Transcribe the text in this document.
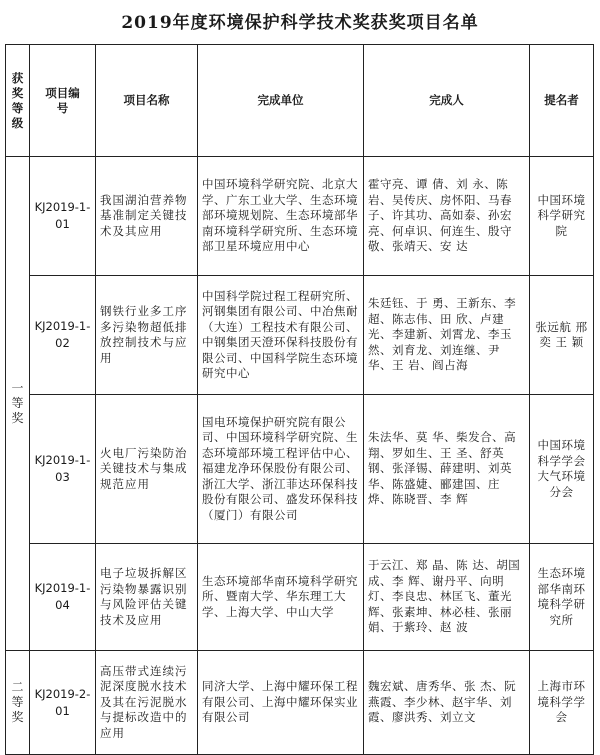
2019年度环境保护科学技术奖获奖项目名单
获奖等级	项目编号	项目名称	完成单位	完成人	提名者
一等奖	KJ2019-1-01	我国湖泊营养物基准制定关键技术及其应用	中国环境科学研究院、北京大学、广东工业大学、生态环境部环境规划院、生态环境部华南环境科学研究所、生态环境部卫星环境应用中心	霍守亮、谭 倩、刘 永、陈 岩、吴传庆、房怀阳、马春子、许其功、高如泰、孙宏亮、何卓识、何连生、殷守敬、张靖天、安 达	中国环境科学研究院
	KJ2019-1-02	钢铁行业多工序多污染物超低排放控制技术与应用	中国科学院过程工程研究所、河钢集团有限公司、中冶焦耐（大连）工程技术有限公司、中钢集团天澄环保科技股份有限公司、中国科学院生态环境研究中心	朱廷钰、于 勇、王新东、李 超、陈志伟、田 欣、卢建光、李建新、刘霄龙、李玉然、刘育龙、刘连继、尹 华、王 岩、阎占海	张远航 邢 奕 王 颖
	KJ2019-1-03	火电厂污染防治关键技术与集成规范应用	国电环境保护研究院有限公司、中国环境科学研究院、生态环境部环境工程评估中心、福建龙净环保股份有限公司、浙江大学、浙江菲达环保科技股份有限公司、盛发环保科技（厦门）有限公司	朱法华、莫 华、柴发合、高 翔、罗如生、王 圣、舒英钢、张泽锡、薛建明、刘英华、陈盛婕、郦建国、庄 烨、陈晓晋、李 辉	中国环境科学学会大气环境分会
	KJ2019-1-04	电子垃圾拆解区污染物暴露识别与风险评估关键技术及应用	生态环境部华南环境科学研究所、暨南大学、华东理工大学、上海大学、中山大学	于云江、郑 晶、陈 达、胡国成、李 辉、谢丹平、向明灯、李良忠、林匡飞、董光辉、张素坤、林必桂、张丽娟、于紫玲、赵 波	生态环境部华南环境科学研究所
二等奖	KJ2019-2-01	高压带式连续污泥深度脱水技术及其在污泥脱水与提标改造中的应用	同济大学、上海中耀环保工程有限公司、上海中耀环保实业有限公司	魏宏斌、唐秀华、张 杰、阮燕霞、李少林、赵宇华、刘 霞、廖洪秀、刘立文	上海市环境科学学会
